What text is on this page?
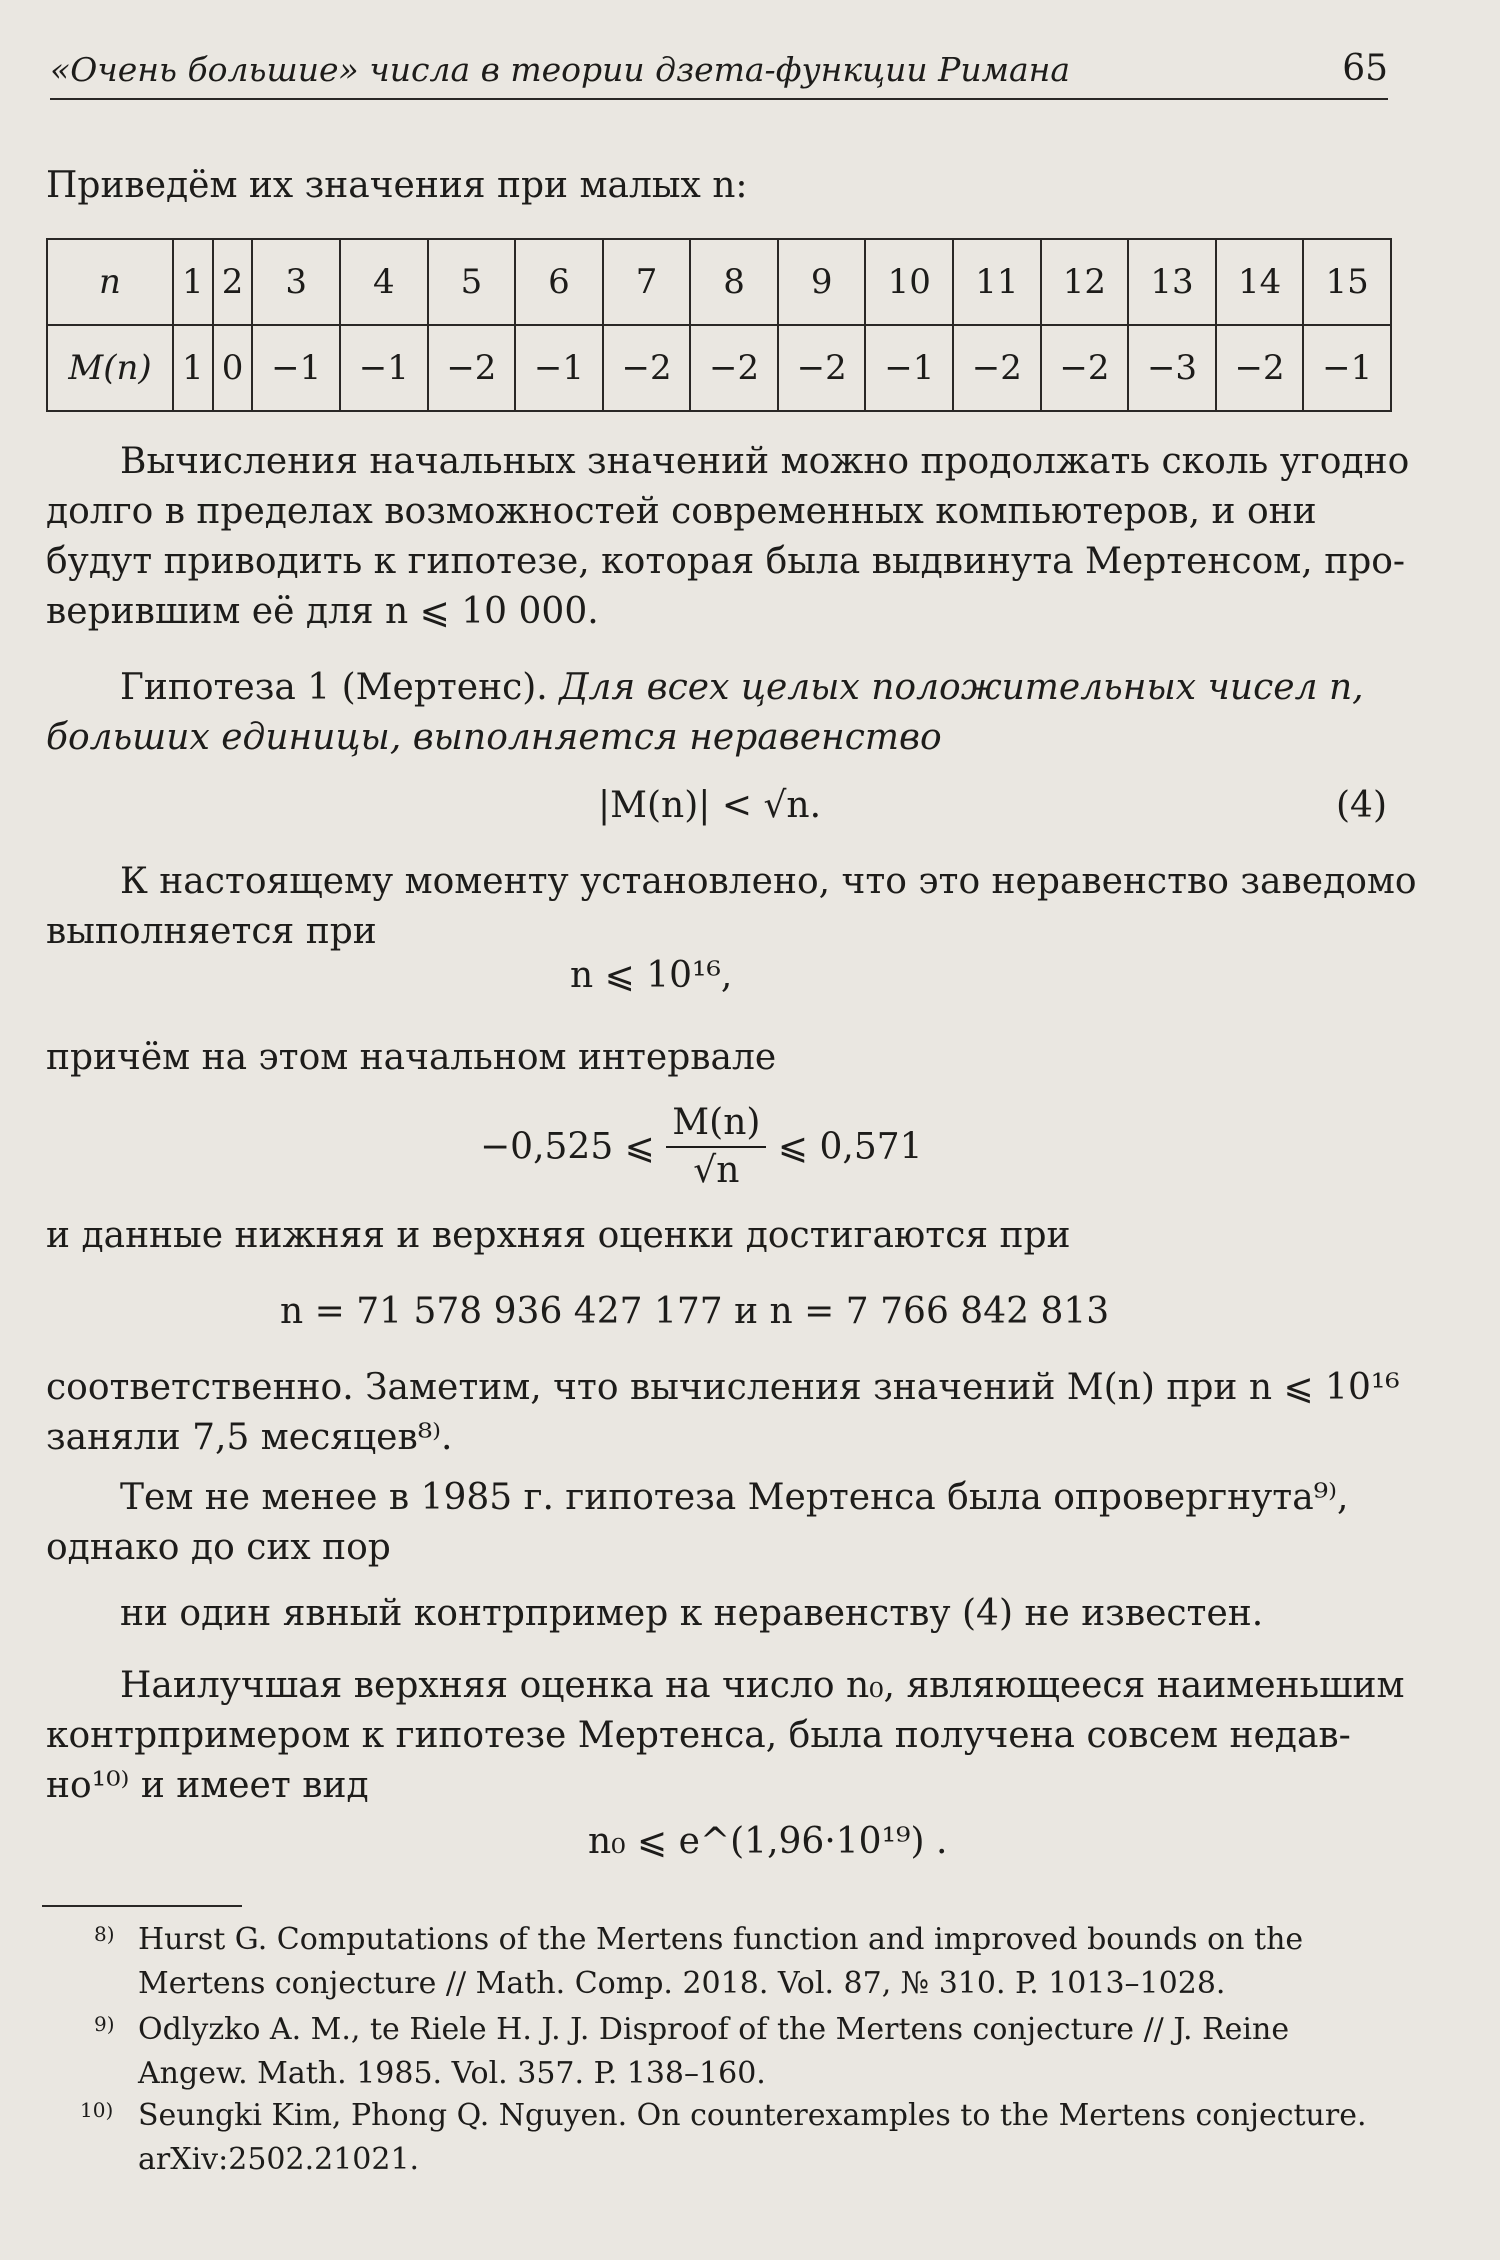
«Очень большие» числа в теории дзета-функции Римана	65
Приведём их значения при малых n:
n	1	2	3	4	5	6	7	8	9	10	11	12	13	14	15
M(n)	1	0	−1	−1	−2	−1	−2	−2	−2	−1	−2	−2	−3	−2	−1
Вычисления начальных значений можно продолжать сколь угодно
долго в пределах возможностей современных компьютеров, и они
будут приводить к гипотезе, которая была выдвинута Мертенсом, про-
верившим её для n ⩽ 10 000.
Гипотеза 1 (Мертенс). Для всех целых положительных чисел n,
больших единицы, выполняется неравенство
|M(n)| < √n.	(4)
К настоящему моменту установлено, что это неравенство заведомо
выполняется при
n ⩽ 10¹⁶,
причём на этом начальном интервале
−0,525 ⩽ $\frac{M(n)}{√n}$ ⩽ 0,571
и данные нижняя и верхняя оценки достигаются при
n = 71 578 936 427 177 и n = 7 766 842 813
соответственно. Заметим, что вычисления значений M(n) при n ⩽ 10¹⁶
заняли 7,5 месяцев⁸⁾.
Тем не менее в 1985 г. гипотеза Мертенса была опровергнута⁹⁾,
однако до сих пор
ни один явный контрпример к неравенству (4) не известен.
Наилучшая верхняя оценка на число n₀, являющееся наименьшим
контрпримером к гипотезе Мертенса, была получена совсем недав-
но¹⁰⁾ и имеет вид
n₀ ⩽ e^(1,96·10¹⁹) .
8) Hurst G. Computations of the Mertens function and improved bounds on the
Mertens conjecture // Math. Comp. 2018. Vol. 87, № 310. P. 1013–1028.
9) Odlyzko A. M., te Riele H. J. J. Disproof of the Mertens conjecture // J. Reine
Angew. Math. 1985. Vol. 357. P. 138–160.
10) Seungki Kim, Phong Q. Nguyen. On counterexamples to the Mertens conjecture.
arXiv:2502.21021.
